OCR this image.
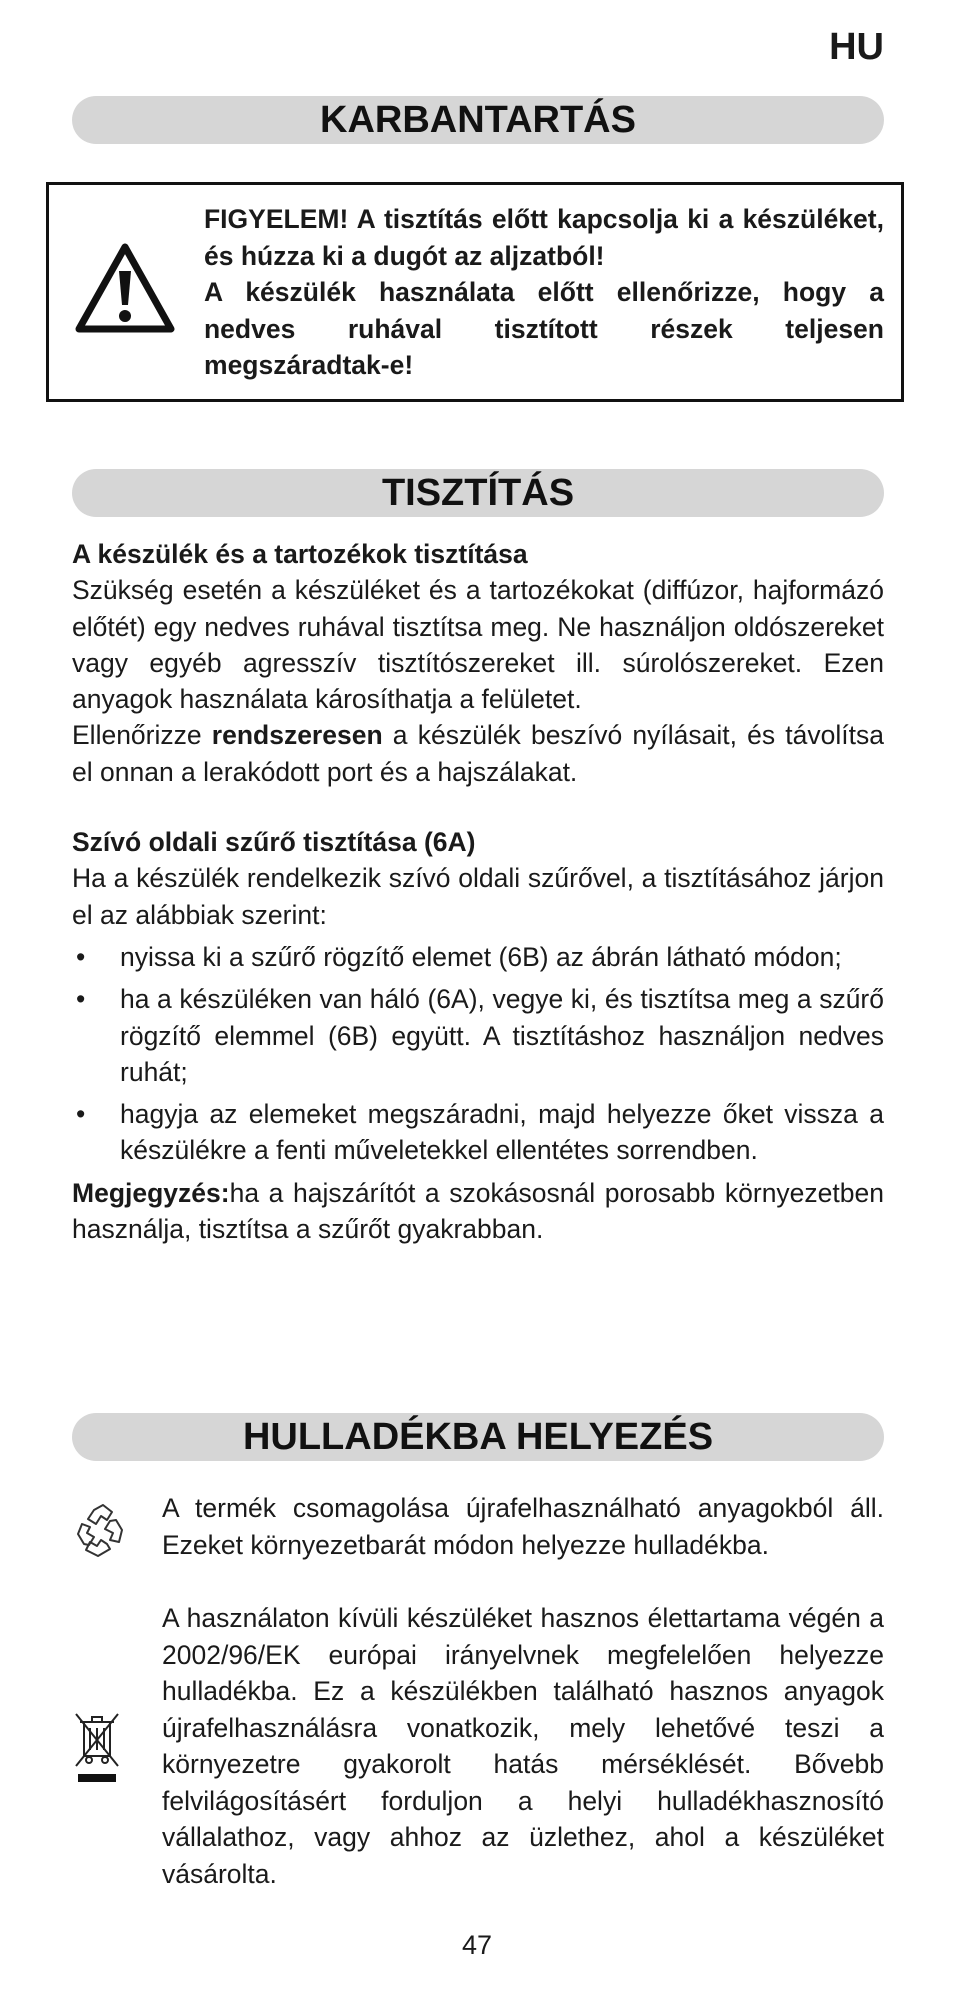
HU
KARBANTARTÁS

FIGYELEM! A tisztítás előtt kapcsolja ki a készüléket, és húzza ki a dugót az aljzatból!

A készülék használata előtt ellenőrizze, hogy a nedves ruhával tisztított részek teljesen megszáradtak-e!

TISZTÍTÁS

A készülék és a tartozékok tisztítása

Szükség esetén a készüléket és a tartozékokat (diffúzor, hajformázó előtét) egy nedves ruhával tisztítsa meg. Ne használjon oldószereket vagy egyéb agresszív tisztítószereket ill. súrolószereket. Ezen anyagok használata károsíthatja a felületet.

Ellenőrizze rendszeresen a készülék beszívó nyílásait, és távolítsa el onnan a lerakódott port és a hajszálakat.

Szívó oldali szűrő tisztítása (6A)

Ha a készülék rendelkezik szívó oldali szűrővel, a tisztításához járjon el az alábbiak szerint:

• nyissa ki a szűrő rögzítő elemet (6B) az ábrán látható módon;
• ha a készüléken van háló (6A), vegye ki, és tisztítsa meg a szűrő rögzítő elemmel (6B) együtt. A tisztításhoz használjon nedves ruhát;
• hagyja az elemeket megszáradni, majd helyezze őket vissza a készülékre a fenti műveletekkel ellentétes sorrendben.

Megjegyzés:ha a hajszárítót a szokásosnál porosabb környezetben használja, tisztítsa a szűrőt gyakrabban.

HULLADÉKBA HELYEZÉS
A termék csomagolása újrafelhasználható anyagokból áll. Ezeket környezetbarát módon helyezze hulladékba.
A használaton kívüli készüléket hasznos élettartama végén a 2002/96/EK európai irányelvnek megfelelően helyezze hulladékba. Ez a készülékben található hasznos anyagok újrafelhasználásra vonatkozik, mely lehetővé teszi a környezetre gyakorolt hatás mérséklését. Bővebb felvilágosításért forduljon a helyi hulladékhasznosító vállalathoz, vagy ahhoz az üzlethez, ahol a készüléket vásárolta.
47
